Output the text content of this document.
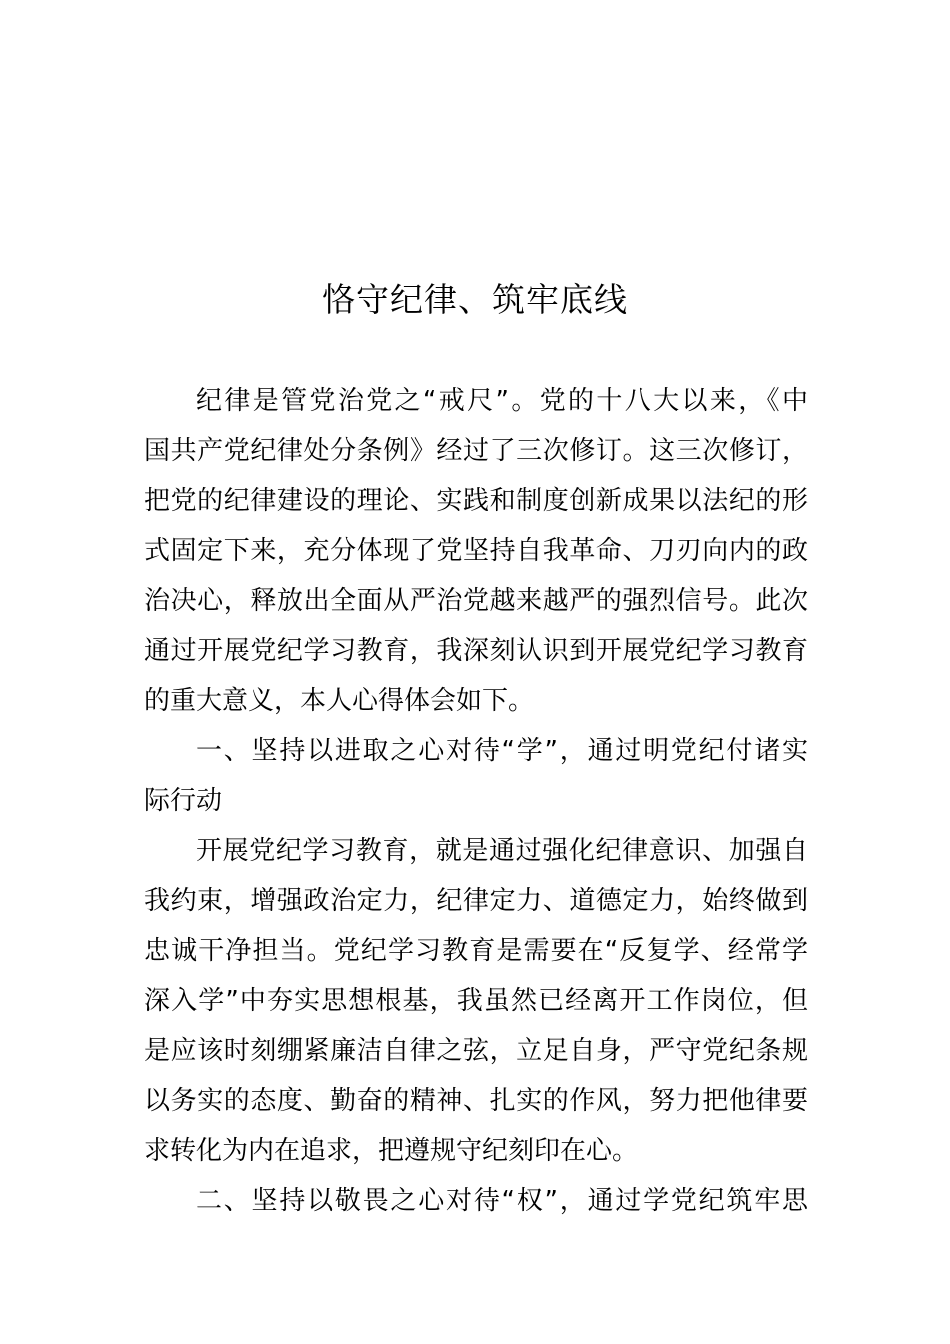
恪守纪律、筑牢底线
纪律是管党治党之“戒尺”。党的十八大以来，《中
国共产党纪律处分条例》经过了三次修订。这三次修订，
把党的纪律建设的理论、实践和制度创新成果以法纪的形
式固定下来，充分体现了党坚持自我革命、刀刃向内的政
治决心，释放出全面从严治党越来越严的强烈信号。此次
通过开展党纪学习教育，我深刻认识到开展党纪学习教育
的重大意义，本人心得体会如下。
一、坚持以进取之心对待“学”，通过明党纪付诸实
际行动
开展党纪学习教育，就是通过强化纪律意识、加强自
我约束，增强政治定力，纪律定力、道德定力，始终做到
忠诚干净担当。党纪学习教育是需要在“反复学、经常学
深入学”中夯实思想根基，我虽然已经离开工作岗位，但
是应该时刻绷紧廉洁自律之弦，立足自身，严守党纪条规
以务实的态度、勤奋的精神、扎实的作风，努力把他律要
求转化为内在追求，把遵规守纪刻印在心。
二、坚持以敬畏之心对待“权”，通过学党纪筑牢思
